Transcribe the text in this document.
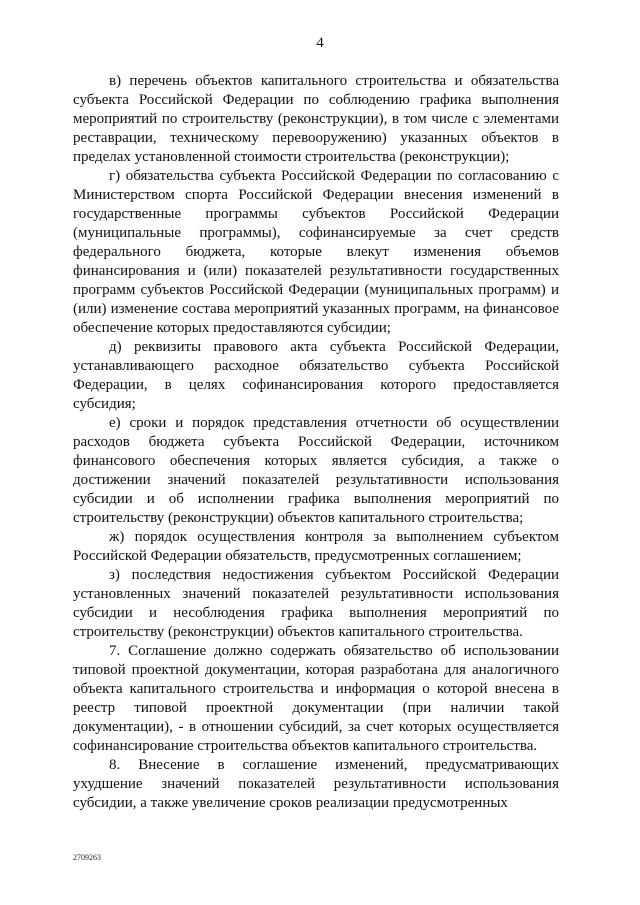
4

в) перечень объектов капитального строительства и обязательства субъекта Российской Федерации по соблюдению графика выполнения мероприятий по строительству (реконструкции), в том числе с элементами реставрации, техническому перевооружению) указанных объектов в пределах установленной стоимости строительства (реконструкции);

г) обязательства субъекта Российской Федерации по согласованию с Министерством спорта Российской Федерации внесения изменений в государственные программы субъектов Российской Федерации (муниципальные программы), софинансируемые за счет средств федерального бюджета, которые влекут изменения объемов финансирования и (или) показателей результативности государственных программ субъектов Российской Федерации (муниципальных программ) и (или) изменение состава мероприятий указанных программ, на финансовое обеспечение которых предоставляются субсидии;

д) реквизиты правового акта субъекта Российской Федерации, устанавливающего расходное обязательство субъекта Российской Федерации, в целях софинансирования которого предоставляется субсидия;

е) сроки и порядок представления отчетности об осуществлении расходов бюджета субъекта Российской Федерации, источником финансового обеспечения которых является субсидия, а также о достижении значений показателей результативности использования субсидии и об исполнении графика выполнения мероприятий по строительству (реконструкции) объектов капитального строительства;

ж) порядок осуществления контроля за выполнением субъектом Российской Федерации обязательств, предусмотренных соглашением;

з) последствия недостижения субъектом Российской Федерации установленных значений показателей результативности использования субсидии и несоблюдения графика выполнения мероприятий по строительству (реконструкции) объектов капитального строительства.

7. Соглашение должно содержать обязательство об использовании типовой проектной документации, которая разработана для аналогичного объекта капитального строительства и информация о которой внесена в реестр типовой проектной документации (при наличии такой документации), - в отношении субсидий, за счет которых осуществляется софинансирование строительства объектов капитального строительства.

8. Внесение в соглашение изменений, предусматривающих ухудшение значений показателей результативности использования субсидии, а также увеличение сроков реализации предусмотренных

2709263
